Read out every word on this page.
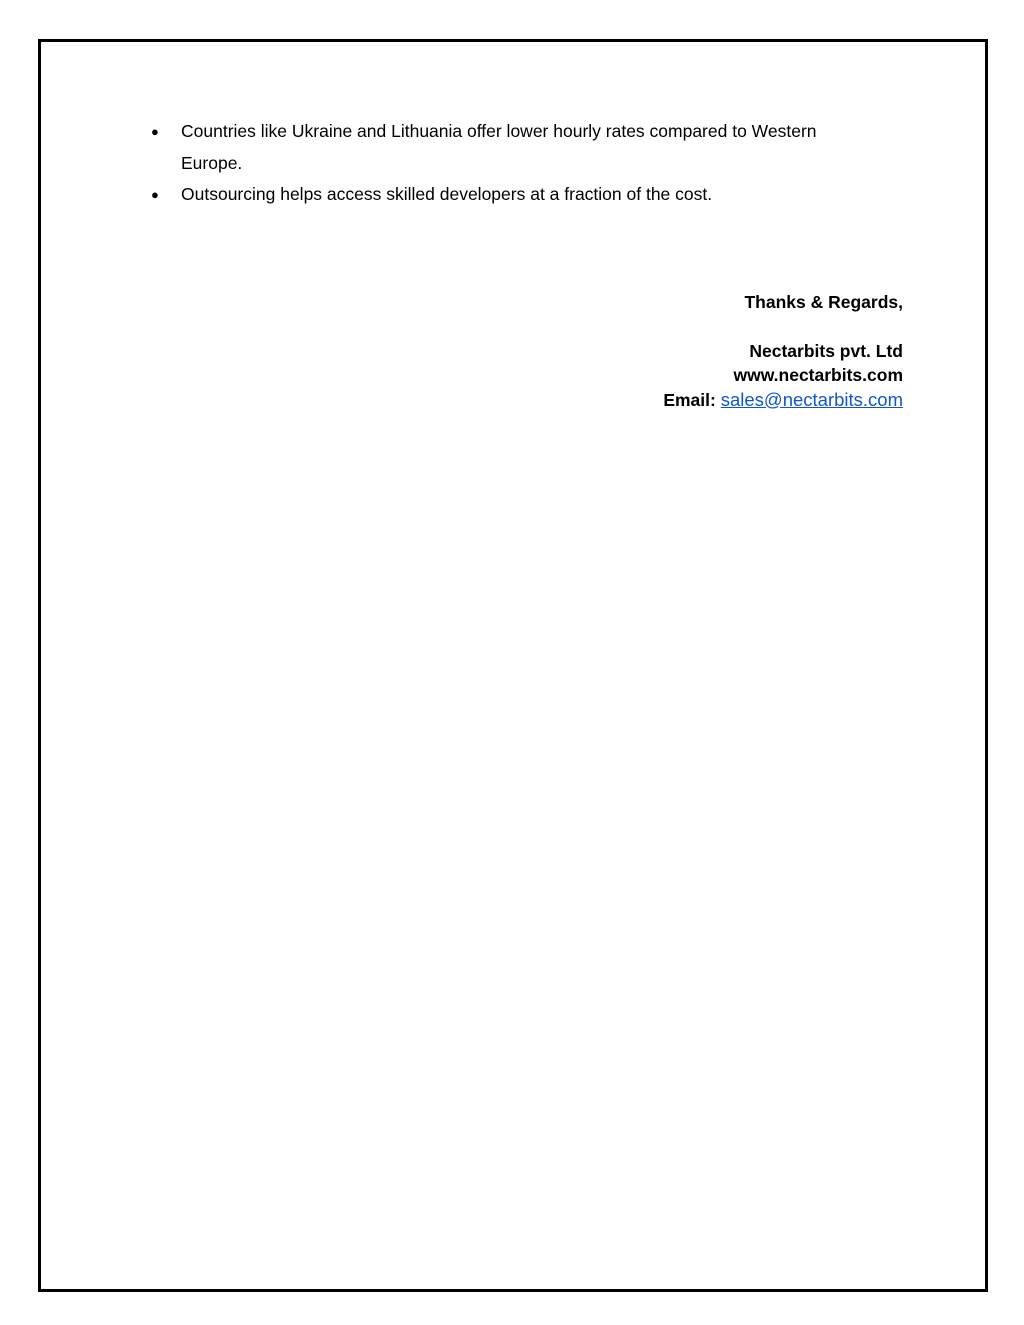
● Countries like Ukraine and Lithuania offer lower hourly rates compared to Western Europe.
● Outsourcing helps access skilled developers at a fraction of the cost.
Thanks & Regards,
Nectarbits pvt. Ltd
www.nectarbits.com
Email: sales@nectarbits.com
